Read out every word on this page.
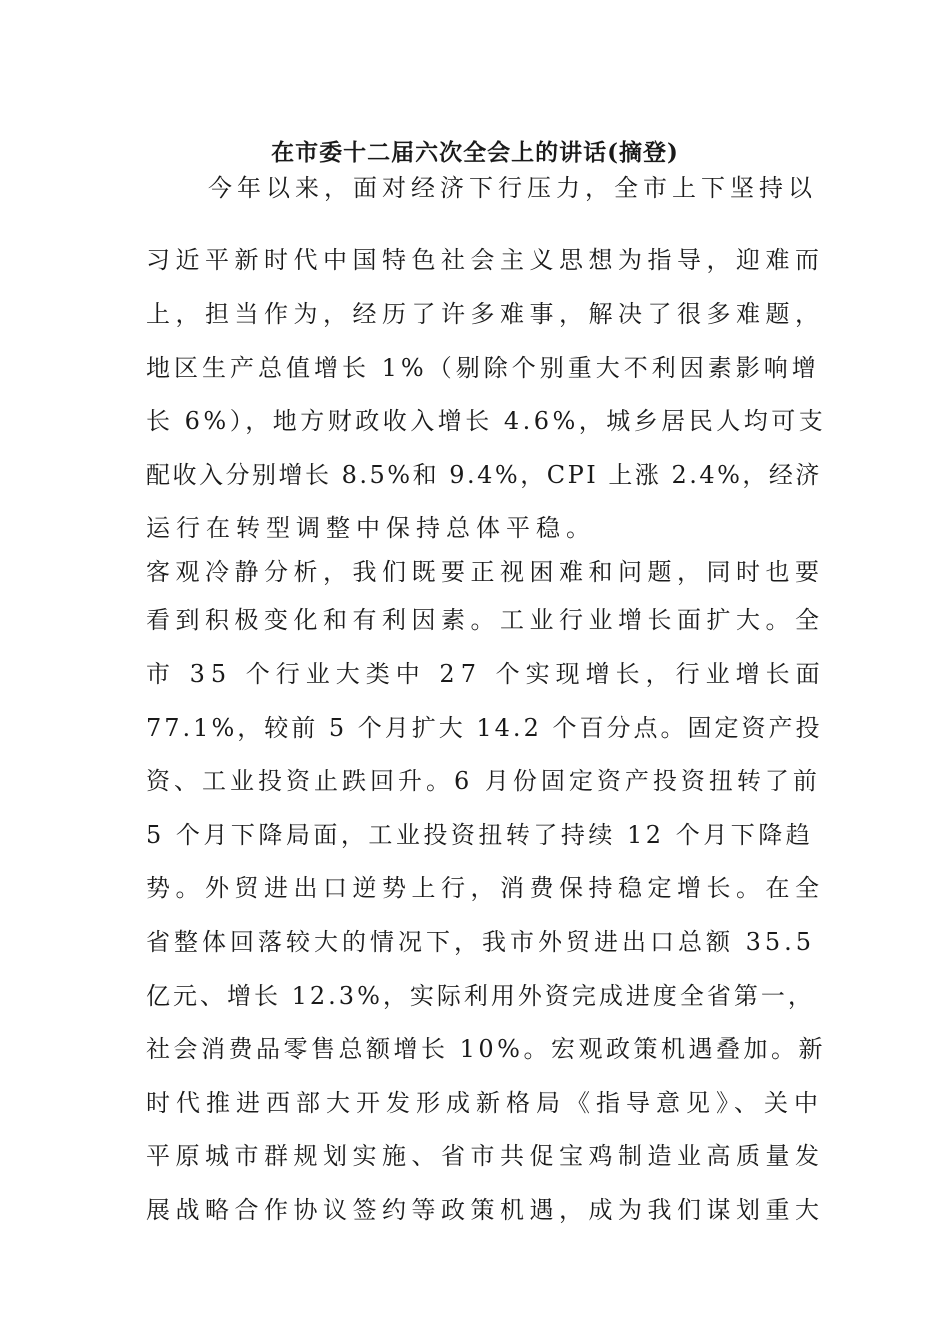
在市委十二届六次全会上的讲话(摘登)
今年以来，面对经济下行压力，全市上下坚持以
习近平新时代中国特色社会主义思想为指导，迎难而
上，担当作为，经历了许多难事，解决了很多难题，
地区生产总值增长 1%（剔除个别重大不利因素影响增
长 6%），地方财政收入增长 4.6%，城乡居民人均可支
配收入分别增长 8.5%和 9.4%，CPI 上涨 2.4%，经济
运行在转型调整中保持总体平稳。
客观冷静分析，我们既要正视困难和问题，同时也要
看到积极变化和有利因素。工业行业增长面扩大。全
市 35 个行业大类中 27 个实现增长，行业增长面
77.1%，较前 5 个月扩大 14.2 个百分点。固定资产投
资、工业投资止跌回升。6 月份固定资产投资扭转了前
5 个月下降局面，工业投资扭转了持续 12 个月下降趋
势。外贸进出口逆势上行，消费保持稳定增长。在全
省整体回落较大的情况下，我市外贸进出口总额 35.5
亿元、增长 12.3%，实际利用外资完成进度全省第一，
社会消费品零售总额增长 10%。宏观政策机遇叠加。新
时代推进西部大开发形成新格局《指导意见》、关中
平原城市群规划实施、省市共促宝鸡制造业高质量发
展战略合作协议签约等政策机遇，成为我们谋划重大
